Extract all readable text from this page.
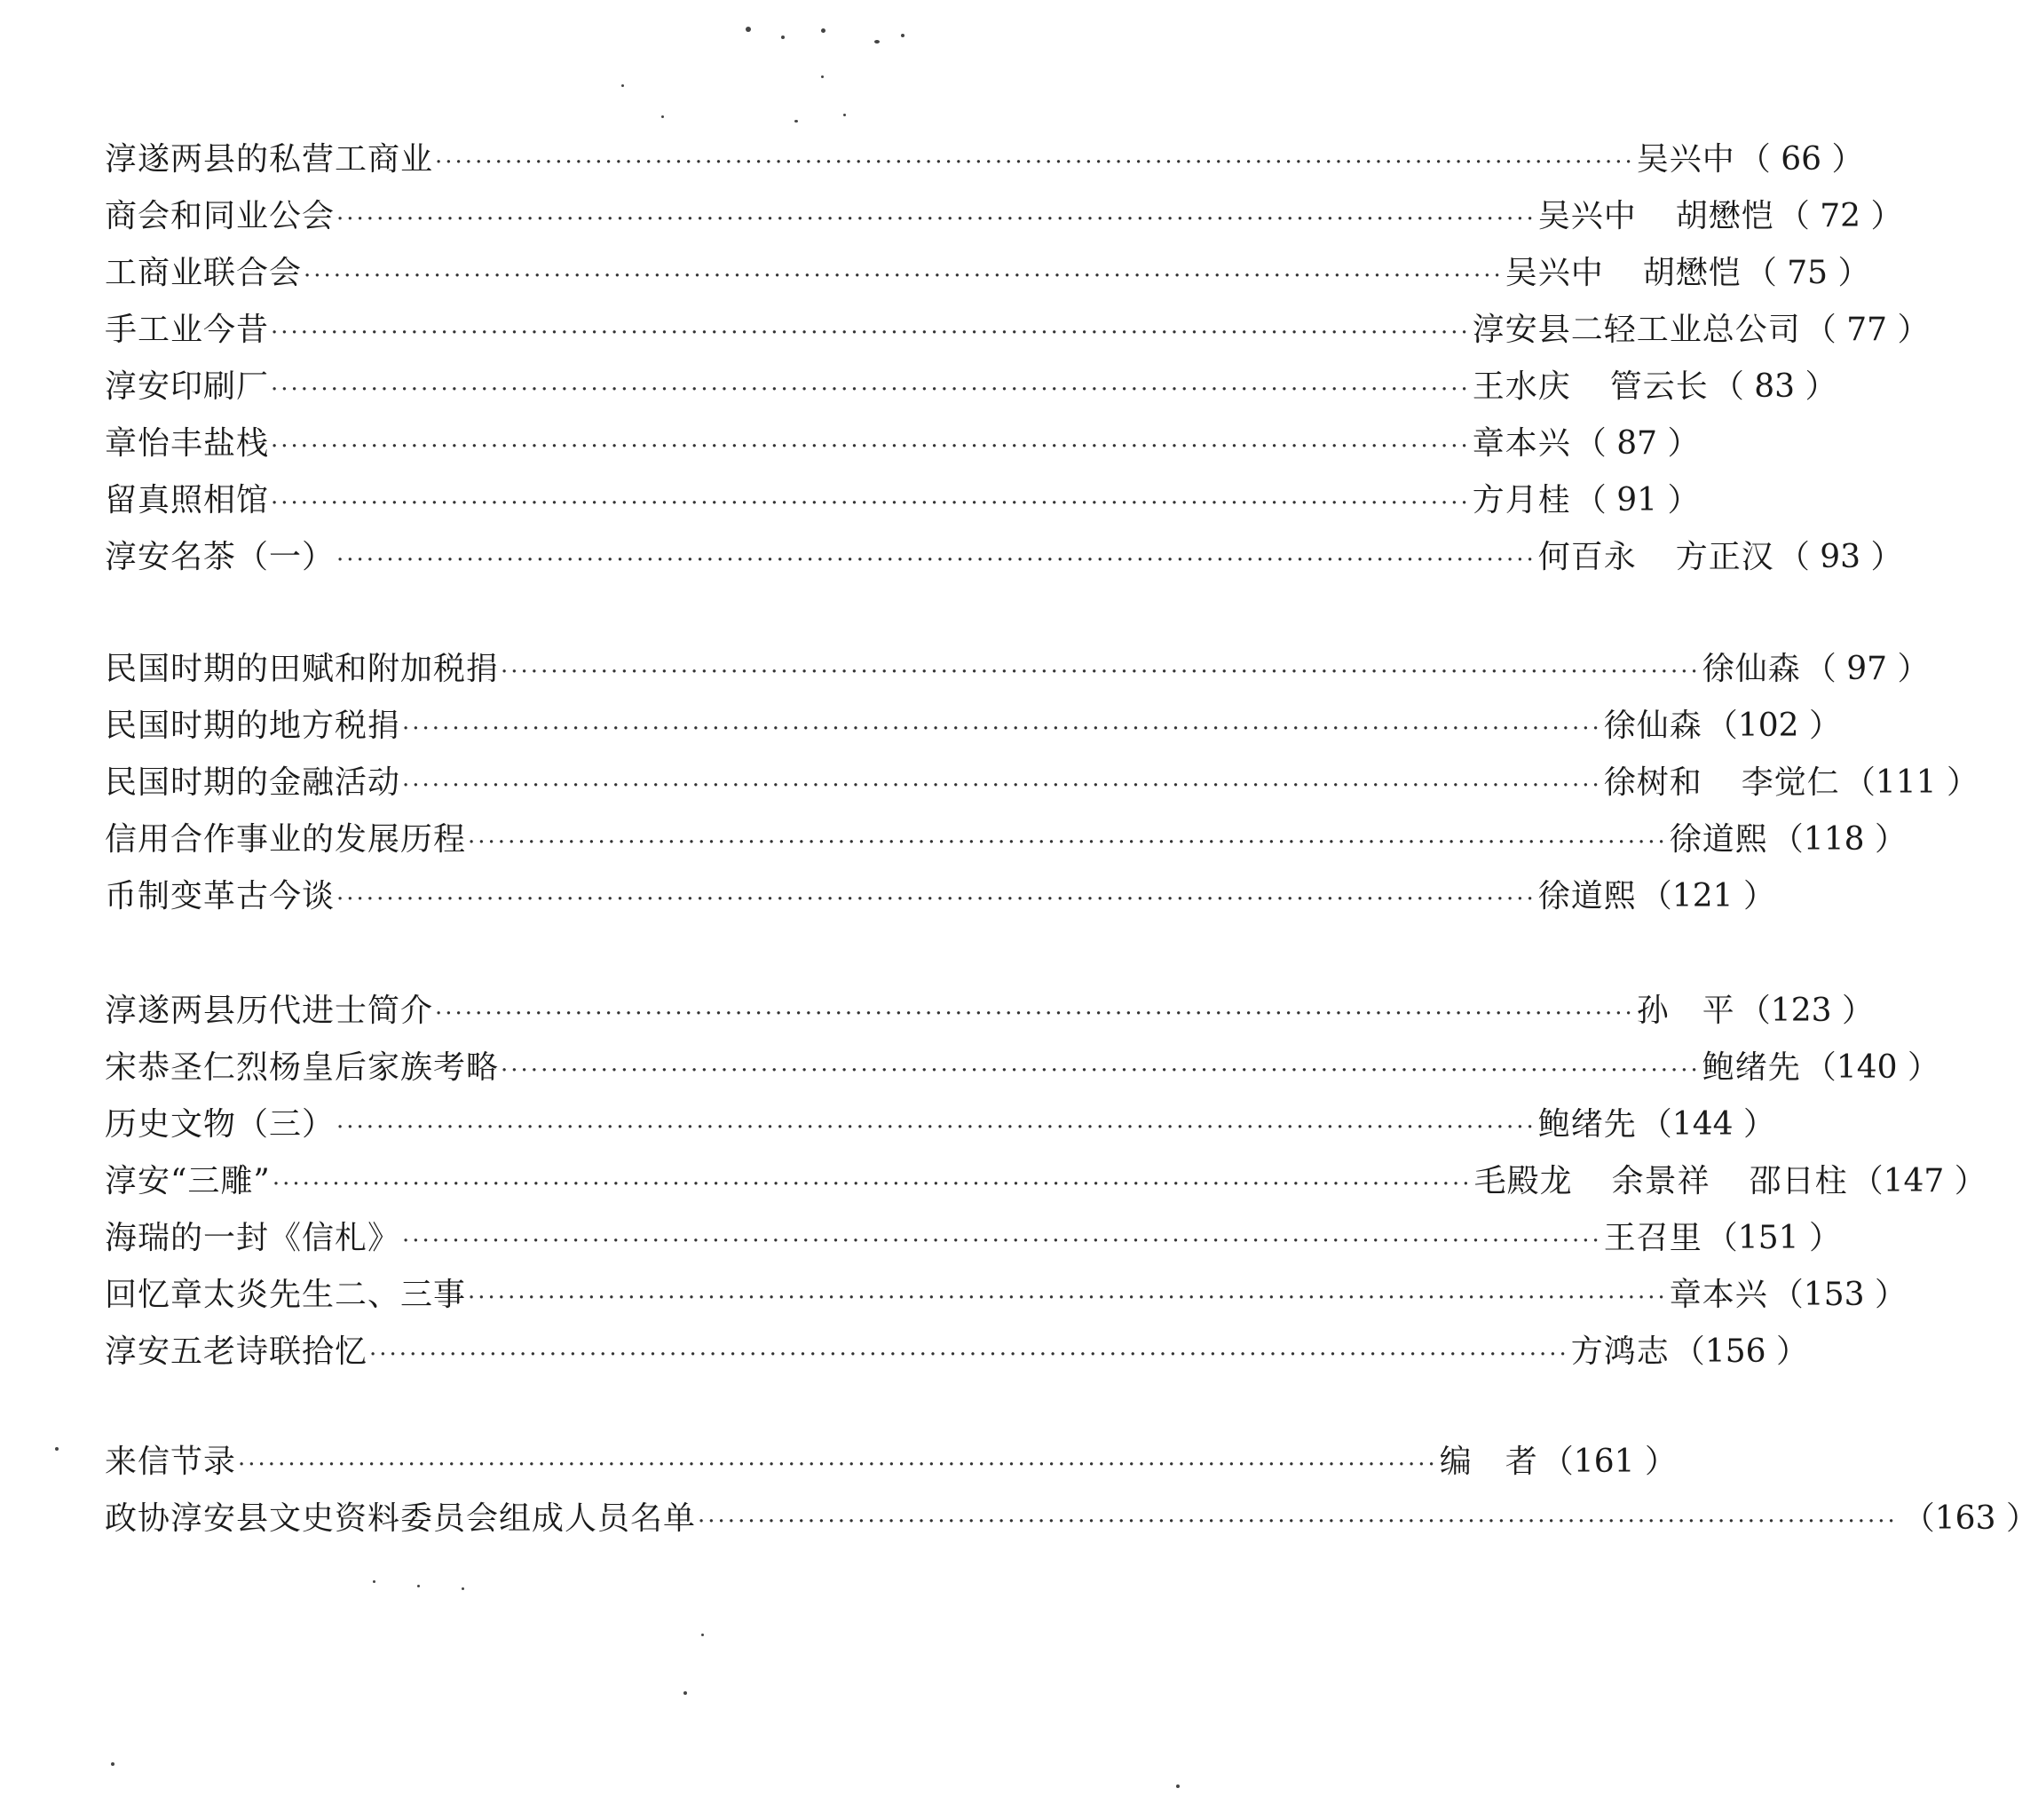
淳遂两县的私营工商业 ························································································································ 吴兴中 （ 66 ）
商会和同业公会 ························································································································ 吴兴中 胡懋恺 （ 72 ）
工商业联合会 ························································································································ 吴兴中 胡懋恺 （ 75 ）
手工业今昔 ························································································································ 淳安县二轻工业总公司 （ 77 ）
淳安印刷厂 ························································································································ 王水庆 管云长 （ 83 ）
章怡丰盐栈 ························································································································ 章本兴 （ 87 ）
留真照相馆 ························································································································ 方月桂 （ 91 ）
淳安名茶（一） ························································································································ 何百永 方正汉 （ 93 ）
民国时期的田赋和附加税捐 ························································································································ 徐仙森 （ 97 ）
民国时期的地方税捐 ························································································································ 徐仙森 （102 ）
民国时期的金融活动 ························································································································ 徐树和 李觉仁 （111 ）
信用合作事业的发展历程 ························································································································ 徐道熙 （118 ）
币制变革古今谈 ························································································································ 徐道熙 （121 ）
淳遂两县历代进士简介 ························································································································ 孙　平 （123 ）
宋恭圣仁烈杨皇后家族考略 ························································································································ 鲍绪先 （140 ）
历史文物（三） ························································································································ 鲍绪先 （144 ）
淳安“三雕” ························································································································ 毛殿龙 余景祥 邵日柱 （147 ）
海瑞的一封《信札》 ························································································································ 王召里 （151 ）
回忆章太炎先生二、三事 ························································································································ 章本兴 （153 ）
淳安五老诗联拾忆 ························································································································ 方鸿志 （156 ）
来信节录 ························································································································ 编　者 （161 ）
政协淳安县文史资料委员会组成人员名单 ························································································································ （163 ）
